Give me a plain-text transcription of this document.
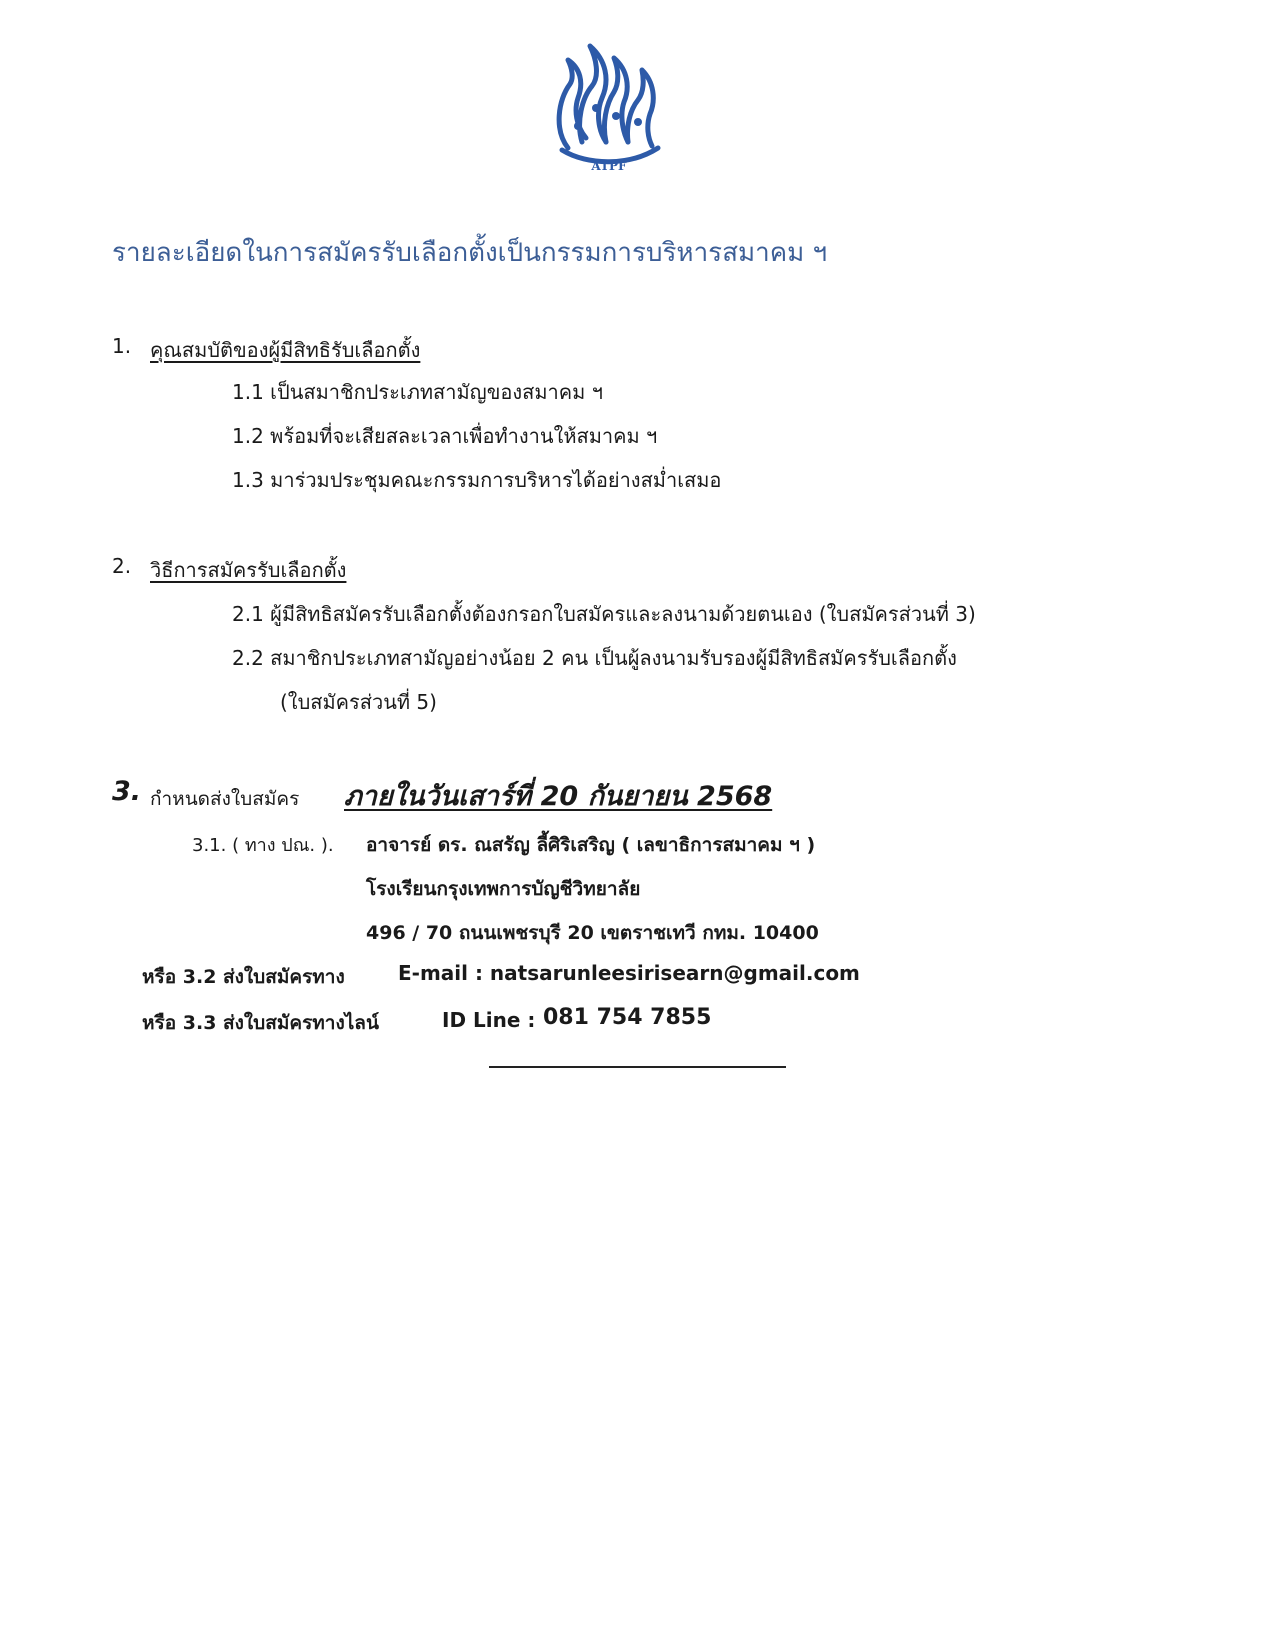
ATPF
รายละเอียดในการสมัครรับเลือกตั้งเป็นกรรมการบริหารสมาคม ฯ
1. คุณสมบัติของผู้มีสิทธิรับเลือกตั้ง
1.1 เป็นสมาชิกประเภทสามัญของสมาคม ฯ
1.2 พร้อมที่จะเสียสละเวลาเพื่อทำงานให้สมาคม ฯ
1.3 มาร่วมประชุมคณะกรรมการบริหารได้อย่างสม่ำเสมอ
2. วิธีการสมัครรับเลือกตั้ง
2.1 ผู้มีสิทธิสมัครรับเลือกตั้งต้องกรอกใบสมัครและลงนามด้วยตนเอง (ใบสมัครส่วนที่ 3)
2.2 สมาชิกประเภทสามัญอย่างน้อย 2 คน เป็นผู้ลงนามรับรองผู้มีสิทธิสมัครรับเลือกตั้ง
(ใบสมัครส่วนที่ 5)
3. กำหนดส่งใบสมัคร ภายในวันเสาร์ที่ 20 กันยายน 2568
3.1. ( ทาง ปณ. ). อาจารย์ ดร. ณสรัญ ลี้ศิริเสริญ ( เลขาธิการสมาคม ฯ )
โรงเรียนกรุงเทพการบัญชีวิทยาลัย
496 / 70 ถนนเพชรบุรี 20 เขตราชเทวี กทม. 10400
หรือ 3.2 ส่งใบสมัครทาง	E-mail : natsarunleesirisearn@gmail.com
หรือ 3.3 ส่งใบสมัครทางไลน์	ID Line : 081 754 7855
